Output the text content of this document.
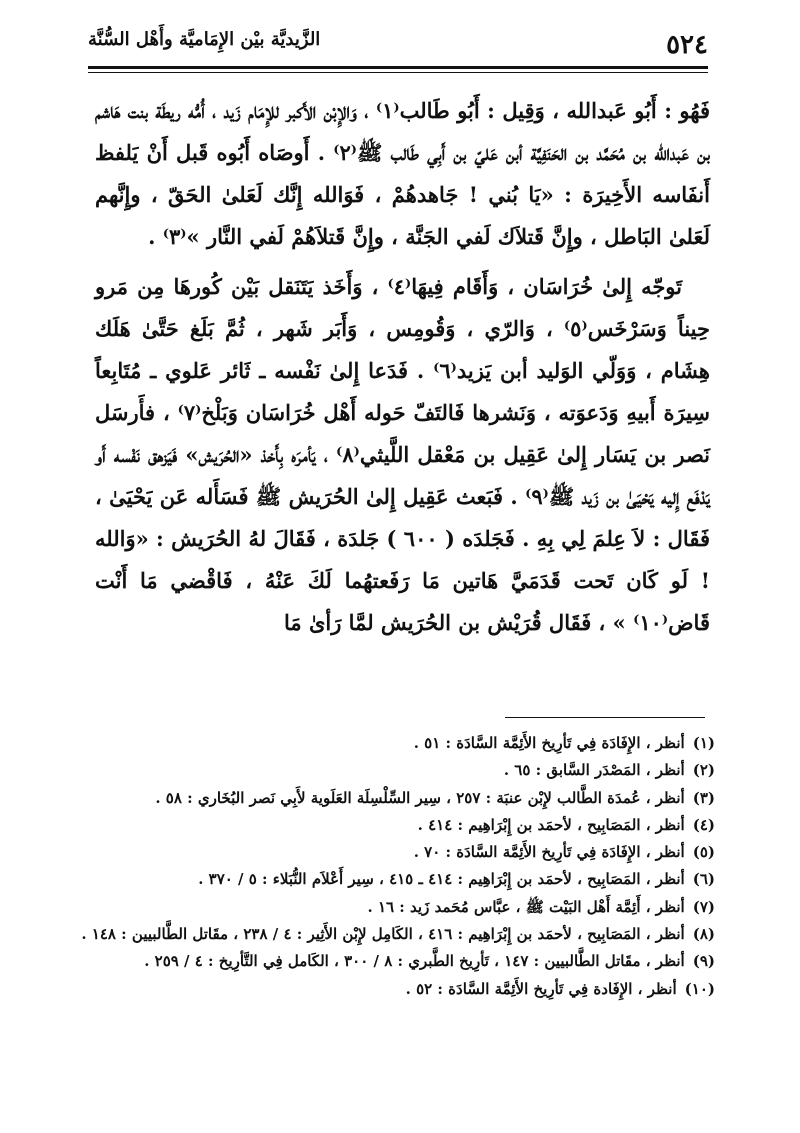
٥٢٤
الزَّيديَّة بيْن الإِمَاميَّة وأَهْل السُّنَّة

فَهُو : أَبُو عَبدالله ، وَقِيل : أَبُو طَالب⁽١⁾ ، وَالإِبْن الأَكبر للإِمَام زَيد ، أُمُّه ريطَة بنت هَاشم بن عَبدالله بن مُحَمَّد بن الحَنَفِيَّة أبن عَليّ بن أَبِي طَالب ﷺ⁽٢⁾ . أَوصَاه أَبُوه قَبل أَنْ يَلفظ أَنفَاسه الأَخِيرَة : «يَا بُني ! جَاهدهُمْ ، فَوَالله إِنَّك لَعَلىٰ الحَقّ ، وإِنَّهم لَعَلىٰ البَاطل ، وإِنَّ قَتلاَك لَفي الجَنَّة ، وإِنَّ قَتلاَهُمْ لَفي النَّار »⁽٣⁾ .

تَوجّه إِلىٰ خُرَاسَان ، وَأَقَام فِيهَا⁽٤⁾ ، وَأَخَذ يَتَنَقل بَيْن كُورهَا مِن مَرو حِيناً وَسَرْخَس⁽٥⁾ ، وَالرّي ، وَقُومِس ، وَأَبَر شَهر ، ثُمَّ بَلَغ حَتَّىٰ هَلَك هِشَام ، وَوَلّي الوَليد أبن يَزيد⁽٦⁾ . فَدَعا إِلىٰ نَفْسه ـ ثَائر عَلوي ـ مُتَابِعاً سِيرَة أَبيهِ وَدَعوَته ، وَنَشرها فَالتَفّ حَوله أَهْل خُرَاسَان وَبَلْخ⁽٧⁾ ، فأَرسَل نَصر بن يَسَار إِلىٰ عَقِيل بن مَعْقل اللَّيثي⁽٨⁾ ، يَأمرَه بِأَخذ «الحُرَيش» فَيَزهق نَفْسه أَو يَدْفَع إِليه يَحْيَىٰ بن زَيد ﷺ⁽٩⁾ . فَبَعث عَقِيل إِلىٰ الحُرَيش ﷺ فَسَأَله عَن يَحْيَىٰ ، فَقَال : لاَ عِلمَ لِي بِهِ . فَجَلدَه ( ٦٠٠ ) جَلدَة ، فَقَالَ لهُ الحُرَيش : «وَالله ! لَو كَان تَحت قَدَمَيَّ هَاتين مَا رَفَعتهُما لَكَ عَنْهُ ، فَاقْضي مَا أَنْت قَاض⁽١٠⁾ » ، فَقَال قُرَيْش بن الحُرَيش لمَّا رَأىٰ مَا

(١)أنظر ، الإِفَادَة فِي تَأرِيخ الأَئِمَّة السَّادَة : ٥١ .
(٢)أنظر ، المَصْدَر السَّابق : ٦٥ .
(٣)أنظر ، عُمدَة الطَّالب لإِبْن عنبَة : ٢٥٧ ، سِير السِّلْسِلَة العَلَوية لأَبِي نَصر البُخَاري : ٥٨ .
(٤)أنظر ، المَصَابِيح ، لأحمَد بن إِبْرَاهِيم : ٤١٤ .
(٥)أنظر ، الإِفَادَة فِي تَأرِيخ الأَئِمَّة السَّادَة : ٧٠ .
(٦)أنظر ، المَصَابِيح ، لأحمَد بن إِبْرَاهِيم : ٤١٤ ـ ٤١٥ ، سِير أَعْلاَم النُّبَلاء : ٥ / ٣٧٠ .
(٧)أنظر ، أَئِمَّة أَهْل البَيْت ﷺ ، عبَّاس مُحَمد زَيد : ١٦ .
(٨)أنظر ، المَصَابِيح ، لأحمَد بن إِبْرَاهِيم : ٤١٦ ، الكَامِل لإِبْن الأَثِير : ٤ / ٢٣٨ ، مقَاتل الطَّالبيين : ١٤٨ .
(٩)أنظر ، مقَاتل الطَّالبيين : ١٤٧ ، تَأرِيخ الطَّبري : ٨ / ٣٠٠ ، الكَامل فِي التَّأرِيخ : ٤ / ٢٥٩ .
(١٠)أنظر ، الإِفَادة فِي تَأرِيخ الأَئِمَّة السَّادَة : ٥٢ .
